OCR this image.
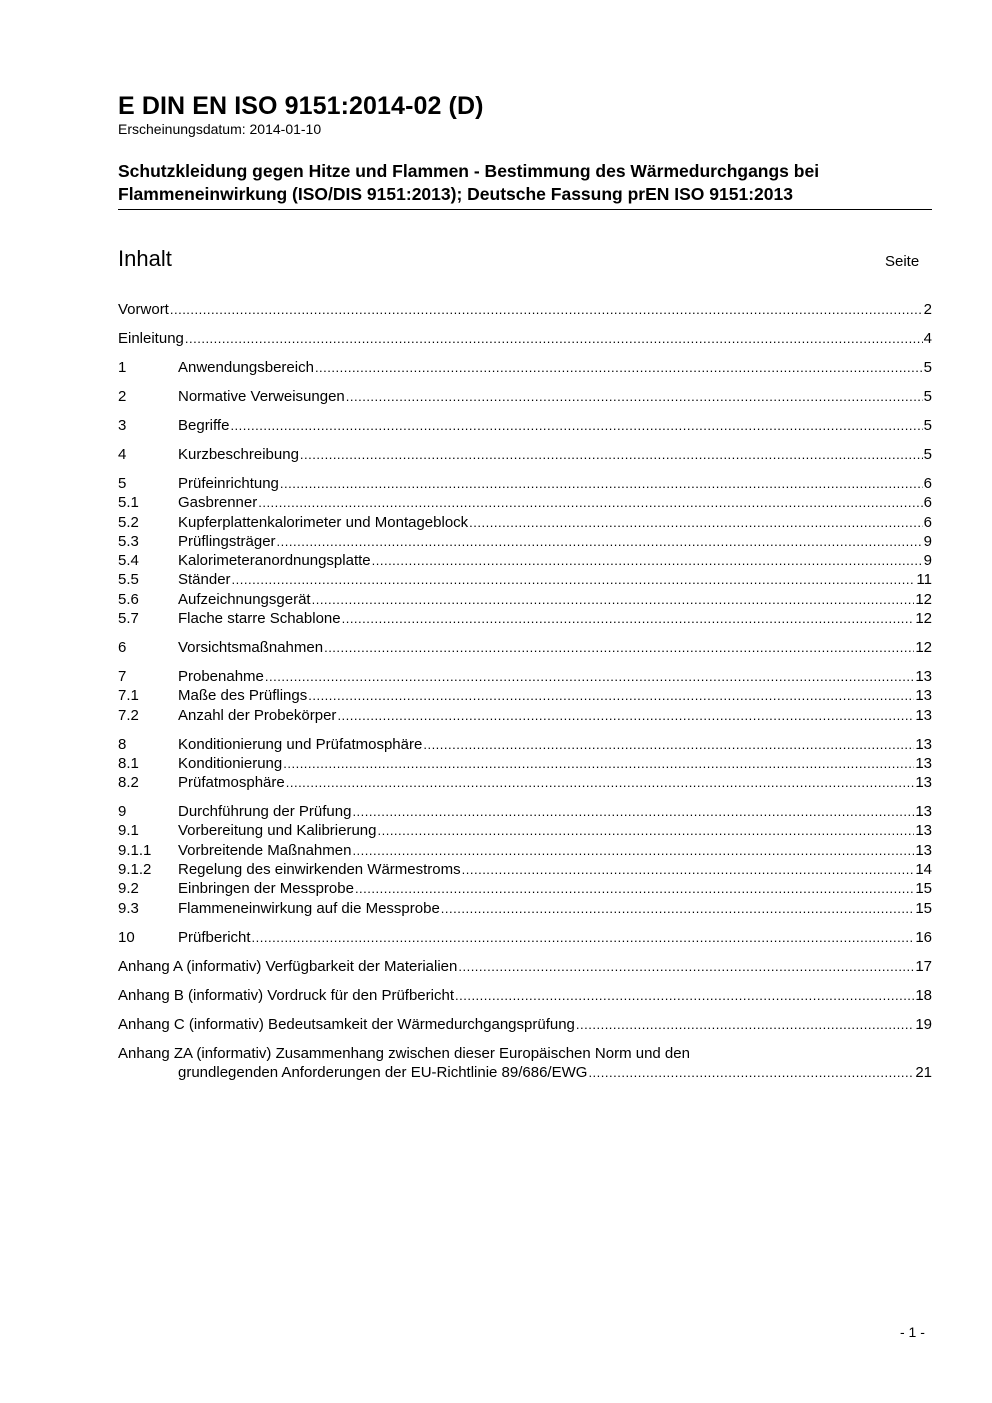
E DIN EN ISO 9151:2014-02 (D)
Erscheinungsdatum: 2014-01-10
Schutzkleidung gegen Hitze und Flammen - Bestimmung des Wärmedurchgangs bei
Flammeneinwirkung (ISO/DIS 9151:2013); Deutsche Fassung prEN ISO 9151:2013
Inhalt	Seite
Vorwort .....	2
Einleitung .....	4
1	Anwendungsbereich .....	5
2	Normative Verweisungen .....	5
3	Begriffe .....	5
4	Kurzbeschreibung .....	5
5	Prüfeinrichtung .....	6
5.1	Gasbrenner .....	6
5.2	Kupferplattenkalorimeter und Montageblock .....	6
5.3	Prüflingsträger .....	9
5.4	Kalorimeteranordnungsplatte .....	9
5.5	Ständer .....	11
5.6	Aufzeichnungsgerät .....	12
5.7	Flache starre Schablone .....	12
6	Vorsichtsmaßnahmen .....	12
7	Probenahme .....	13
7.1	Maße des Prüflings .....	13
7.2	Anzahl der Probekörper .....	13
8	Konditionierung und Prüfatmosphäre .....	13
8.1	Konditionierung .....	13
8.2	Prüfatmosphäre .....	13
9	Durchführung der Prüfung .....	13
9.1	Vorbereitung und Kalibrierung .....	13
9.1.1 Vorbreitende Maßnahmen .....	13
9.1.2 Regelung des einwirkenden Wärmestroms .....	14
9.2	Einbringen der Messprobe .....	15
9.3	Flammeneinwirkung auf die Messprobe .....	15
10	Prüfbericht .....	16
Anhang A (informativ) Verfügbarkeit der Materialien .....	17
Anhang B (informativ) Vordruck für den Prüfbericht .....	18
Anhang C (informativ) Bedeutsamkeit der Wärmedurchgangsprüfung .....	19
Anhang ZA (informativ) Zusammenhang zwischen dieser Europäischen Norm und den
grundlegenden Anforderungen der EU-Richtlinie 89/686/EWG .....	21
- 1 -
